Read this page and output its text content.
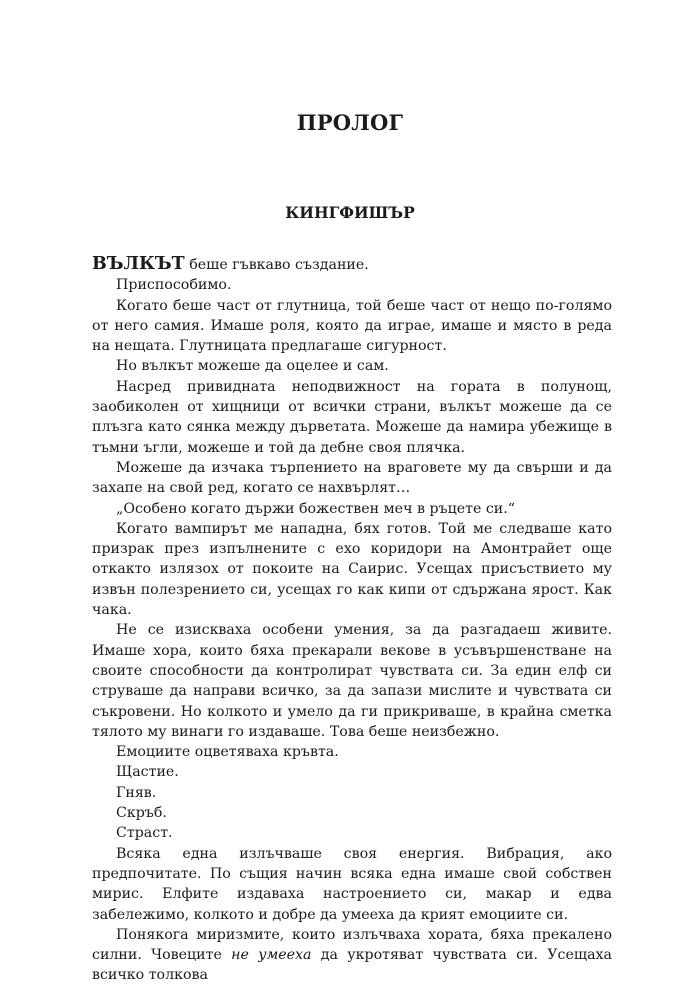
ПРОЛОГ
КИНГФИШЪР

ВЪЛКЪТ беше гъвкаво създание.

Приспособимо.

Когато беше част от глутница, той беше част от нещо по-голямо от него самия. Имаше роля, която да играе, имаше и място в реда на нещата. Глутницата предлагаше сигурност.

Но вълкът можеше да оцелее и сам.

Насред привидната неподвижност на гората в полунощ, заобиколен от хищници от всички страни, вълкът можеше да се плъзга като сянка между дърветата. Можеше да намира убежище в тъмни ъгли, можеше и той да дебне своя плячка.

Можеше да изчака търпението на враговете му да свърши и да захапе на свой ред, когато се нахвърлят…

„Особено когато държи божествен меч в ръцете си.“

Когато вампирът ме нападна, бях готов. Той ме следваше като призрак през изпълнените с ехо коридори на Амонтрайет още откакто излязох от покоите на Саирис. Усещах присъствието му извън полезрението си, усещах го как кипи от сдържана ярост. Как чака.

Не се изискваха особени умения, за да разгадаеш живите. Имаше хора, които бяха прекарали векове в усъвършенстване на своите способности да контролират чувствата си. За един елф си струваше да направи всичко, за да запази мислите и чувствата си съкровени. Но колкото и умело да ги прикриваше, в крайна сметка тялото му винаги го издаваше. Това беше неизбежно.

Емоциите оцветяваха кръвта.

Щастие.

Гняв.

Скръб.

Страст.

Всяка една излъчваше своя енергия. Вибрация, ако предпочитате. По същия начин всяка една имаше свой собствен мирис. Елфите издаваха настроението си, макар и едва забележимо, колкото и добре да умееха да крият емоциите си.

Понякога миризмите, които излъчваха хората, бяха прекалено силни. Човеците не умееха да укротяват чувствата си. Усещаха всичко толкова
